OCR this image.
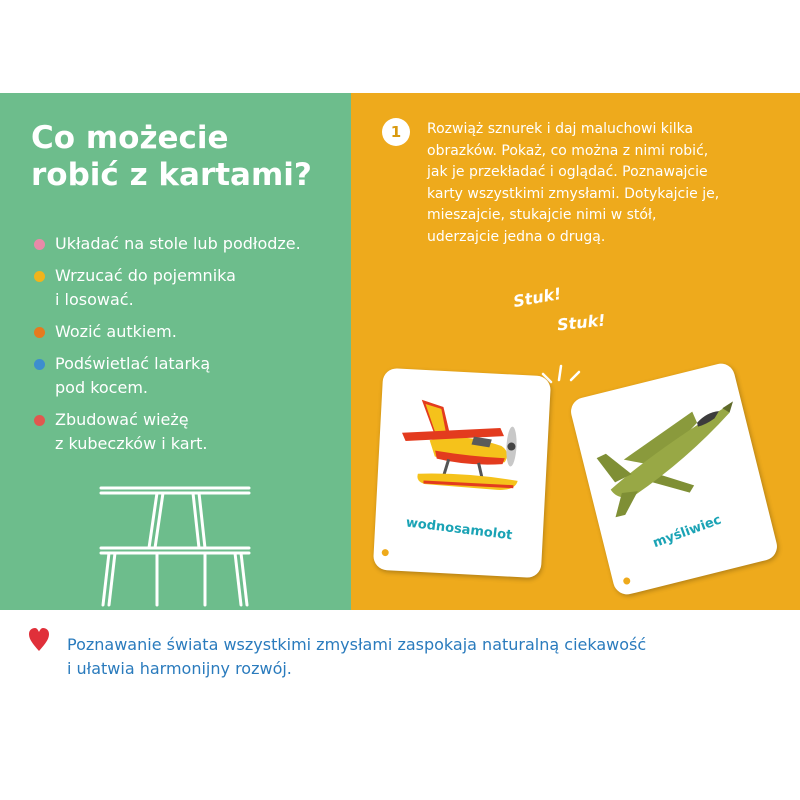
Co możecie
robić z kartami?
Układać na stole lub podłodze.
Wrzucać do pojemnika
i losować.
Wozić autkiem.
Podświetlać latarką
pod kocem.
Zbudować wieżę
z kubeczków i kart.
1	Rozwiąż sznurek i daj maluchowi kilka
obrazków. Pokaż, co można z nimi robić,
jak je przekładać i oglądać. Poznawajcie
karty wszystkimi zmysłami. Dotykajcie je,
mieszajcie, stukajcie nimi w stół,
uderzajcie jedna o drugą.

Stuk!
Stuk!
wodnosamolot	myśliwiec

Poznawanie świata wszystkimi zmysłami zaspokaja naturalną ciekawość
i ułatwia harmonijny rozwój.
